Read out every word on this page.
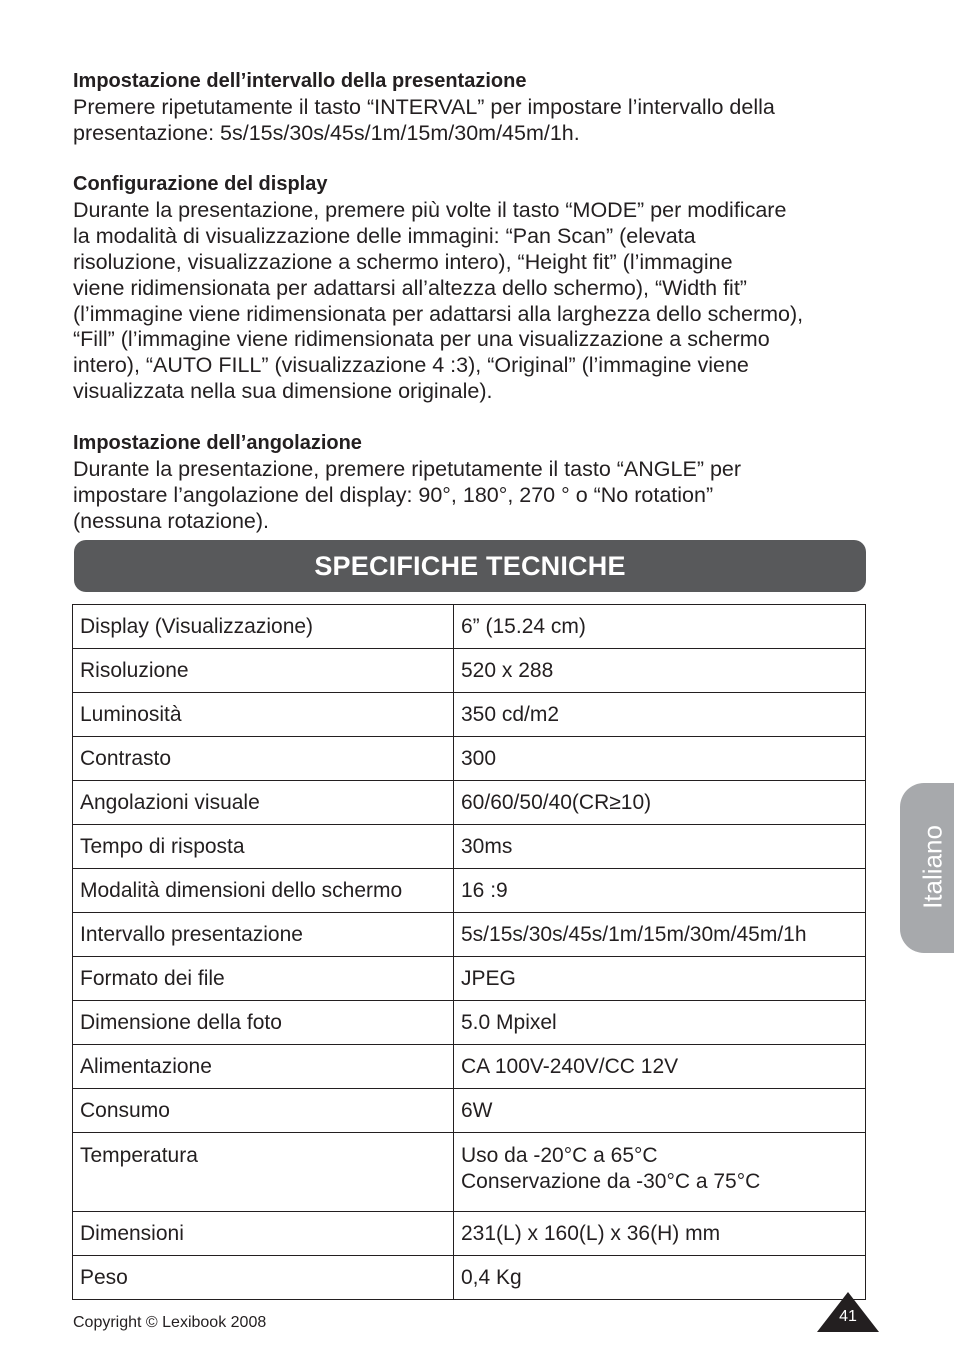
Impostazione dell’intervallo della presentazione

Premere ripetutamente il tasto “INTERVAL” per impostare l’intervallo della

presentazione: 5s/15s/30s/45s/1m/15m/30m/45m/1h.

Configurazione del display

Durante la presentazione, premere più volte il tasto “MODE” per modificare

la modalità di visualizzazione delle immagini: “Pan Scan” (elevata

risoluzione, visualizzazione a schermo intero), “Height fit” (l’immagine

viene ridimensionata per adattarsi all’altezza dello schermo), “Width fit”

(l’immagine viene ridimensionata per adattarsi alla larghezza dello schermo),

“Fill” (l’immagine viene ridimensionata per una visualizzazione a schermo

intero), “AUTO FILL” (visualizzazione 4 :3), “Original” (l’immagine viene

visualizzata nella sua dimensione originale).

Impostazione dell’angolazione

Durante la presentazione, premere ripetutamente il tasto “ANGLE” per

impostare l’angolazione del display: 90°, 180°, 270 ° o “No rotation”

(nessuna rotazione).

SPECIFICHE TECNICHE
Display (Visualizzazione)	6” (15.24 cm)
Risoluzione	520 x 288
Luminosità	350 cd/m2
Contrasto	300
Angolazioni visuale	60/60/50/40(CR≥10)
Tempo di risposta	30ms
Modalità dimensioni dello schermo	16 :9
Intervallo presentazione	5s/15s/30s/45s/1m/15m/30m/45m/1h
Formato dei file	JPEG
Dimensione della foto	5.0 Mpixel
Alimentazione	CA 100V-240V/CC 12V
Consumo	6W
Temperatura	Uso da -20°C a 65°C
Conservazione da -30°C a 75°C

Dimensioni	231(L) x 160(L) x 36(H) mm
Peso	0,4 Kg
Italiano
Copyright © Lexibook 2008	41
